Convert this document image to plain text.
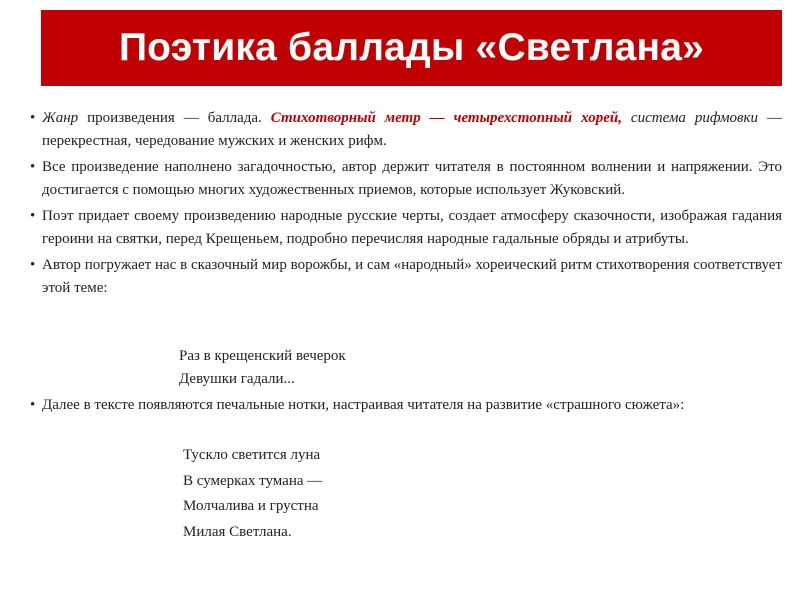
Поэтика баллады «Светлана»
• Жанр произведения — баллада. Стихотворный метр — четырехстопный хорей, система рифмовки — перекрестная, чередование мужских и женских рифм.
• Все произведение наполнено загадочностью, автор держит читателя в постоянном волнении и напряжении. Это достигается с помощью многих художественных приемов, которые использует Жуковский.
• Поэт придает своему произведению народные русские черты, создает атмосферу сказочности, изображая гадания героини на святки, перед Крещеньем, подробно перечисляя народные гадальные обряды и атрибуты.
• Автор погружает нас в сказочный мир ворожбы, и сам «народный» хореический ритм стихотворения соответствует этой теме:
Раз в крещенский вечерок
Девушки гадали...
• Далее в тексте появляются печальные нотки, настраивая читателя на развитие «страшного сюжета»:
Тускло светится луна
В сумерках тумана —
Молчалива и грустна
Милая Светлана.
